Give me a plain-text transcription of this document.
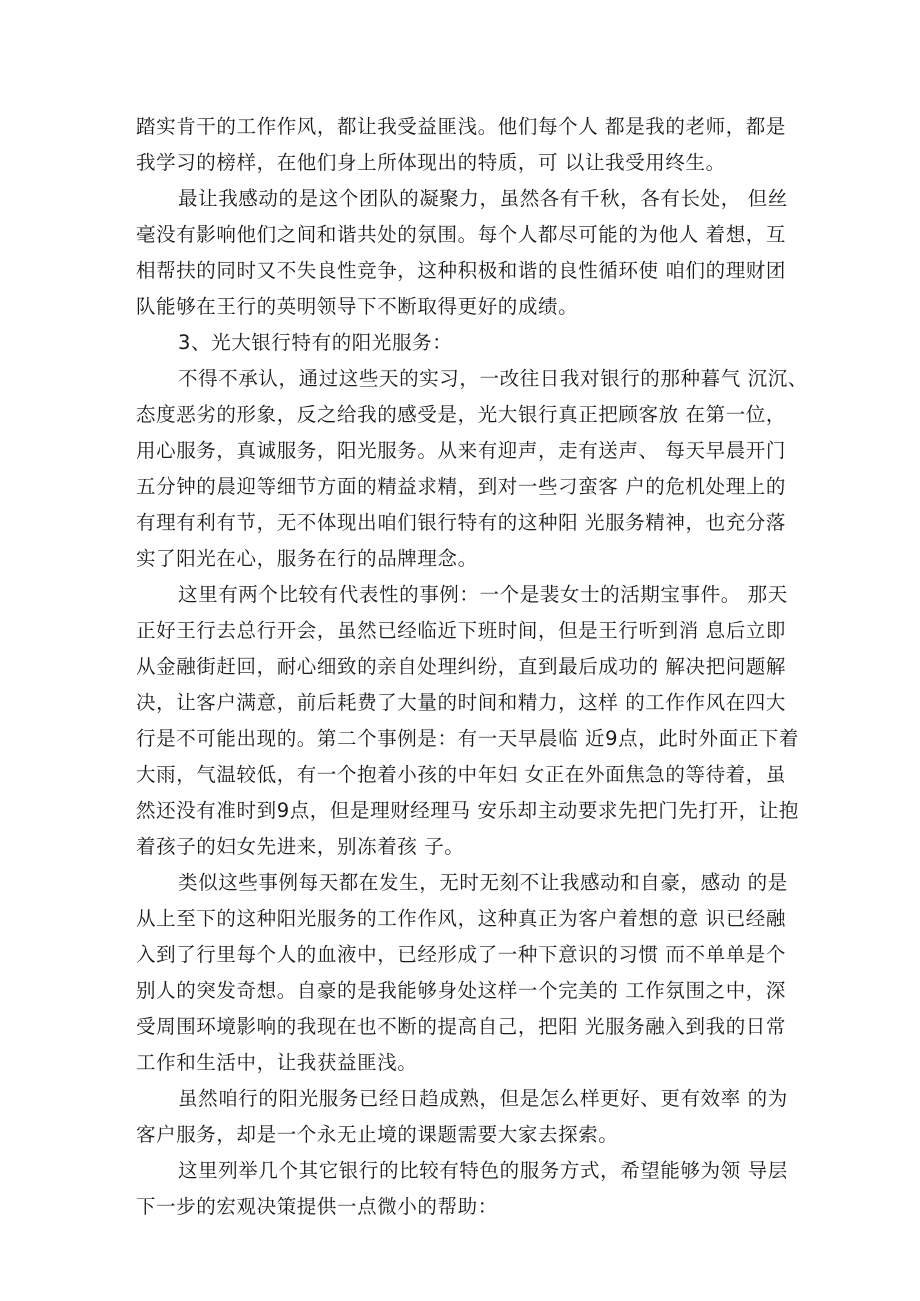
踏实肯干的工作作风，都让我受益匪浅。他们每个人 都是我的老师，都是
我学习的榜样，在他们身上所体现出的特质，可 以让我受用终生。
最让我感动的是这个团队的凝聚力，虽然各有千秋，各有长处， 但丝
毫没有影响他们之间和谐共处的氛围。每个人都尽可能的为他人 着想，互
相帮扶的同时又不失良性竞争，这种积极和谐的良性循环使 咱们的理财团
队能够在王行的英明领导下不断取得更好的成绩。
3、光大银行特有的阳光服务：
不得不承认，通过这些天的实习，一改往日我对银行的那种暮气 沉沉、
态度恶劣的形象，反之给我的感受是，光大银行真正把顾客放 在第一位，
用心服务，真诚服务，阳光服务。从来有迎声，走有送声、 每天早晨开门
五分钟的晨迎等细节方面的精益求精，到对一些刁蛮客 户的危机处理上的
有理有利有节，无不体现出咱们银行特有的这种阳 光服务精神，也充分落
实了阳光在心，服务在行的品牌理念。
这里有两个比较有代表性的事例：一个是裴女士的活期宝事件。 那天
正好王行去总行开会，虽然已经临近下班时间，但是王行听到消 息后立即
从金融街赶回，耐心细致的亲自处理纠纷，直到最后成功的 解决把问题解
决，让客户满意，前后耗费了大量的时间和精力，这样 的工作作风在四大
行是不可能出现的。第二个事例是：有一天早晨临 近9点，此时外面正下着
大雨，气温较低，有一个抱着小孩的中年妇 女正在外面焦急的等待着，虽
然还没有准时到9点，但是理财经理马 安乐却主动要求先把门先打开，让抱
着孩子的妇女先进来，别冻着孩 子。
类似这些事例每天都在发生，无时无刻不让我感动和自豪，感动 的是
从上至下的这种阳光服务的工作作风，这种真正为客户着想的意 识已经融
入到了行里每个人的血液中，已经形成了一种下意识的习惯 而不单单是个
别人的突发奇想。自豪的是我能够身处这样一个完美的 工作氛围之中，深
受周围环境影响的我现在也不断的提高自己，把阳 光服务融入到我的日常
工作和生活中，让我获益匪浅。
虽然咱行的阳光服务已经日趋成熟，但是怎么样更好、更有效率 的为
客户服务，却是一个永无止境的课题需要大家去探索。
这里列举几个其它银行的比较有特色的服务方式，希望能够为领 导层
下一步的宏观决策提供一点微小的帮助：
